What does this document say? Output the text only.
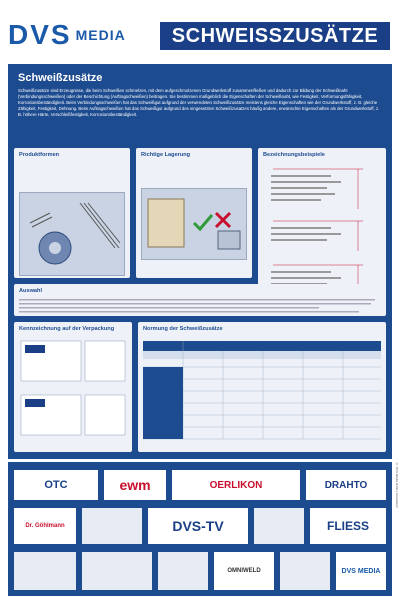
DVS MEDIA	SCHWEISSZUSÄTZE
Schweißzusätze
Schweißzusätze sind Erzeugnisse, die beim Schweißen schmelzen, mit dem aufgeschmolzenen Grundwerkstoff zusammenfließen und dadurch zur Bildung der Schweißnaht (Verbindungsschweißen) oder der Beschichtung (Auftragschweißen) beitragen. Sie bestimmen maßgeblich die Eigenschaften der Schweißnaht, wie Festigkeit, Verformungsfähigkeit, Korrosionsbeständigkeit. Beim Verbindungsschweißen hat das Schweißgut aufgrund der verwendeten Schweißzusätze meistens gleiche Eigenschaften wie der Grundwerkstoff, z. B. gleiche Zähigkeit, Festigkeit, Dehnung. Beim Auftragschweißen hat das Schweißgut aufgrund des eingesetzten Schweißzusatzes häufig andere, erwünschte Eigenschaften als der Grundwerkstoff, z. B. höhere Härte, Verschleißfestigkeit, Korrosionsbeständigkeit.
Produktformen	Richtige Lagerung	Bezeichnungsbeispiele
Auswahl
Kennzeichnung auf der Verpackung	Normung der Schweißzusätze
OTC	ewm	OERLIKON	DRAHTO
Dr. Göhlmann	DVS-TV	FLIESS
OMNIWELD	DVS MEDIA
© DVS Media GmbH, Düsseldorf
